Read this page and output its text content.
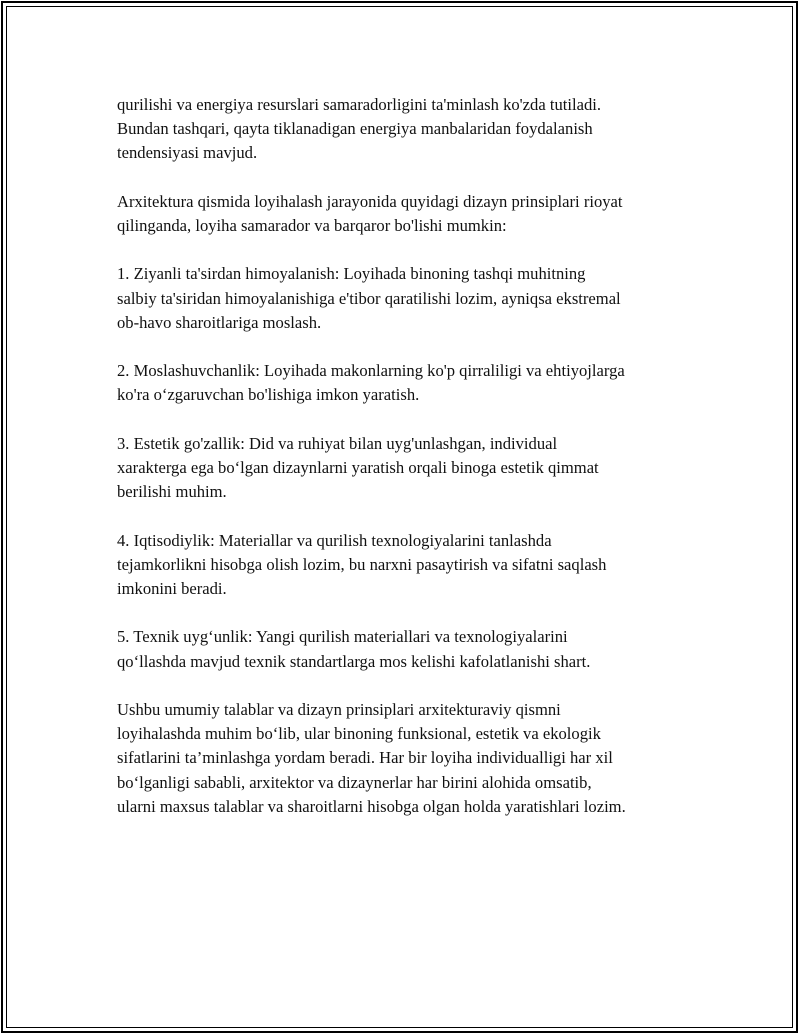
qurilishi va energiya resurslari samaradorligini ta'minlash ko'zda tutiladi.
Bundan tashqari, qayta tiklanadigan energiya manbalaridan foydalanish
tendensiyasi mavjud.

Arxitektura qismida loyihalash jarayonida quyidagi dizayn prinsiplari rioyat
qilinganda, loyiha samarador va barqaror bo'lishi mumkin:

1. Ziyanli ta'sirdan himoyalanish: Loyihada binoning tashqi muhitning
salbiy ta'siridan himoyalanishiga e'tibor qaratilishi lozim, ayniqsa ekstremal
ob-havo sharoitlariga moslash.

2. Moslashuvchanlik: Loyihada makonlarning ko'p qirraliligi va ehtiyojlarga
ko'ra o‘zgaruvchan bo'lishiga imkon yaratish.

3. Estetik go'zallik: Did va ruhiyat bilan uyg'unlashgan, individual
xarakterga ega bo‘lgan dizaynlarni yaratish orqali binoga estetik qimmat
berilishi muhim.

4. Iqtisodiylik: Materiallar va qurilish texnologiyalarini tanlashda
tejamkorlikni hisobga olish lozim, bu narxni pasaytirish va sifatni saqlash
imkonini beradi.

5. Texnik uyg‘unlik: Yangi qurilish materiallari va texnologiyalarini
qo‘llashda mavjud texnik standartlarga mos kelishi kafolatlanishi shart.

Ushbu umumiy talablar va dizayn prinsiplari arxitekturaviy qismni
loyihalashda muhim bo‘lib, ular binoning funksional, estetik va ekologik
sifatlarini ta’minlashga yordam beradi. Har bir loyiha individualligi har xil
bo‘lganligi sababli, arxitektor va dizaynerlar har birini alohida omsatib,
ularni maxsus talablar va sharoitlarni hisobga olgan holda yaratishlari lozim.
